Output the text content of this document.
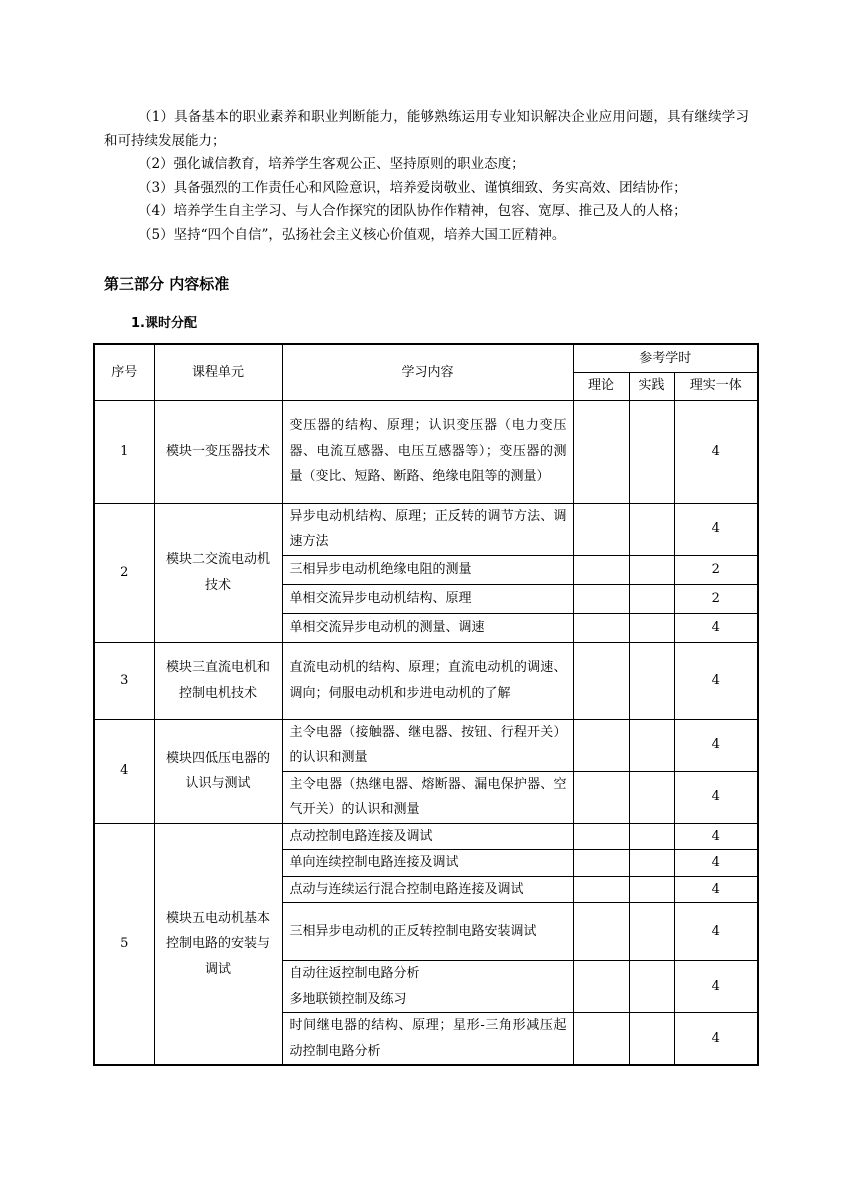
（1）具备基本的职业素养和职业判断能力，能够熟练运用专业知识解决企业应用问题，具有继续学习和可持续发展能力；

（2）强化诚信教育，培养学生客观公正、坚持原则的职业态度；

（3）具备强烈的工作责任心和风险意识，培养爱岗敬业、谨慎细致、务实高效、团结协作；

（4）培养学生自主学习、与人合作探究的团队协作作精神，包容、宽厚、推己及人的人格；

（5）坚持“四个自信”，弘扬社会主义核心价值观，培养大国工匠精神。

第三部分 内容标准
1.课时分配
序号	课程单元	学习内容	参考学时		
			理论	实践	理实一体
1	模块一变压器技术	变压器的结构、原理；认识变压器（电力变压器、电流互感器、电压互感器等）；变压器的测量（变比、短路、断路、绝缘电阻等的测量）			4
2	模块二交流电动机技术	异步电动机结构、原理；正反转的调节方法、调速方法			4
		三相异步电动机绝缘电阻的测量			2
		单相交流异步电动机结构、原理			2
		单相交流异步电动机的测量、调速			4
3	模块三直流电机和控制电机技术	直流电动机的结构、原理；直流电动机的调速、调向；伺服电动机和步进电动机的了解			4
4	模块四低压电器的认识与测试	主令电器（接触器、继电器、按钮、行程开关）的认识和测量			4
		主令电器（热继电器、熔断器、漏电保护器、空气开关）的认识和测量			4
5	模块五电动机基本控制电路的安装与调试	点动控制电路连接及调试			4
		单向连续控制电路连接及调试			4
		点动与连续运行混合控制电路连接及调试			4
		三相异步电动机的正反转控制电路安装调试			4
		自动往返控制电路分析
多地联锁控制及练习			4
		时间继电器的结构、原理；星形-三角形减压起动控制电路分析			4
